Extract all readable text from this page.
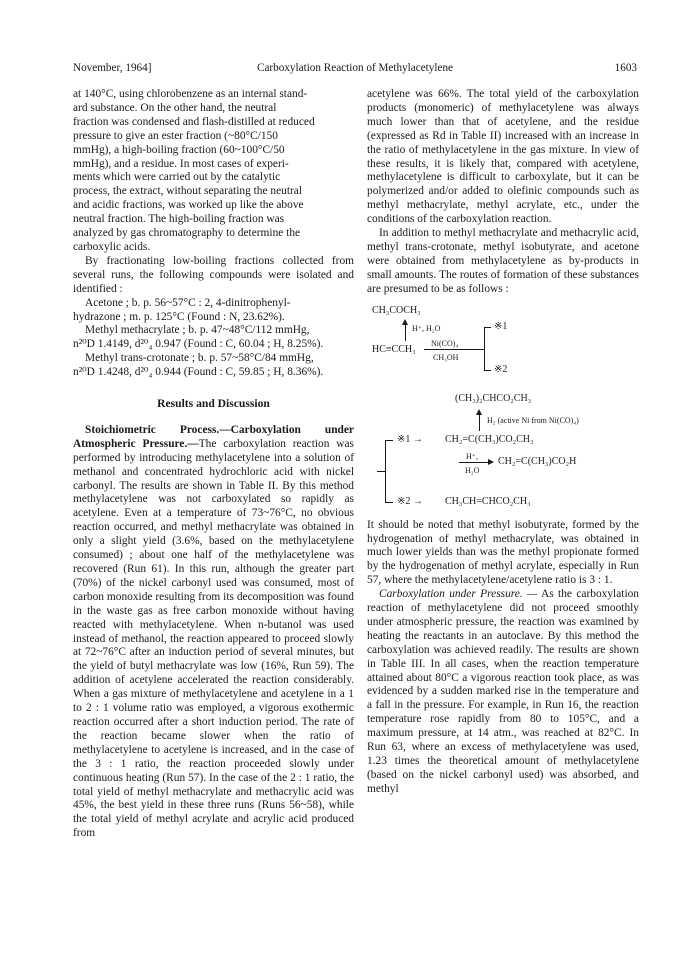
November, 1964]	Carboxylation Reaction of Methylacetylene	1603
at 140°C, using chlorobenzene as an internal stand-
ard substance. On the other hand, the neutral
fraction was condensed and flash-distilled at reduced
pressure to give an ester fraction (~80°C/150
mmHg), a high-boiling fraction (60~100°C/50
mmHg), and a residue. In most cases of experi-
ments which were carried out by the catalytic
process, the extract, without separating the neutral
and acidic fractions, was worked up like the above
neutral fraction. The high-boiling fraction was
analyzed by gas chromatography to determine the
carboxylic acids.

By fractionating low-boiling fractions collected from several runs, the following compounds were isolated and identified :

Acetone ; b. p. 56~57°C : 2, 4-dinitrophenyl-

hydrazone ; m. p. 125°C (Found : N, 23.62%).

Methyl methacrylate ; b. p. 47~48°C/112 mmHg,

n²⁰D 1.4149, d²⁰₄ 0.947 (Found : C, 60.04 ; H, 8.25%).

Methyl trans-crotonate ; b. p. 57~58°C/84 mmHg,

n²⁰D 1.4248, d²⁰₄ 0.944 (Found : C, 59.85 ; H, 8.36%).

Results and Discussion

Stoichiometric Process.—Carboxylation under Atmospheric Pressure.—The carboxylation reaction was performed by introducing methylacetylene into a solution of methanol and concentrated hydrochloric acid with nickel carbonyl. The results are shown in Table II. By this method methylacetylene was not carboxylated so rapidly as acetylene. Even at a temperature of 73~76°C, no obvious reaction occurred, and methyl methacrylate was obtained in only a slight yield (3.6%, based on the methylacetylene consumed) ; about one half of the methylacetylene was recovered (Run 61). In this run, although the greater part (70%) of the nickel carbonyl used was consumed, most of carbon monoxide resulting from its decomposition was found in the waste gas as free carbon monoxide without having reacted with methylacetylene. When n-butanol was used instead of methanol, the reaction appeared to proceed slowly at 72~76°C after an induction period of several minutes, but the yield of butyl methacrylate was low (16%, Run 59). The addition of acetylene accelerated the reaction considerably. When a gas mixture of methylacetylene and acetylene in a 1 to 2 : 1 volume ratio was employed, a vigorous exothermic reaction occurred after a short induction period. The rate of the reaction became slower when the ratio of methylacetylene to acetylene is increased, and in the case of the 3 : 1 ratio, the reaction proceeded slowly under continuous heating (Run 57). In the case of the 2 : 1 ratio, the total yield of methyl methacrylate and methacrylic acid was 45%, the best yield in these three runs (Runs 56~58), while the total yield of methyl acrylate and acrylic acid produced from

acetylene was 66%. The total yield of the carboxylation products (monomeric) of methylacetylene was always much lower than that of acetylene, and the residue (expressed as Rd in Table II) increased with an increase in the ratio of methylacetylene in the gas mixture. In view of these results, it is likely that, compared with acetylene, methylacetylene is difficult to carboxylate, but it can be polymerized and/or added to olefinic compounds such as methyl methacrylate, methyl acrylate, etc., under the conditions of the carboxylation reaction.

In addition to methyl methacrylate and methacrylic acid, methyl trans-crotonate, methyl isobutyrate, and acetone were obtained from methylacetylene as by-products in small amounts. The routes of formation of these substances are presumed to be as follows :

CH₃COCH₃
H⁺, H₂O
HC≡CCH₃
Ni(CO)₄
CH₃OH
※1
※2
(CH₃)₂CHCO₂CH₃
H₂ (active Ni from Ni(CO)₄)
※1 → CH₂=C(CH₃)CO₂CH₃
H⁺,
H₂O
CH₂=C(CH₃)CO₂H
※2 → CH₃CH=CHCO₂CH₃

It should be noted that methyl isobutyrate, formed by the hydrogenation of methyl methacrylate, was obtained in much lower yields than was the methyl propionate formed by the hydrogenation of methyl acrylate, especially in Run 57, where the methylacetylene/acetylene ratio is 3 : 1.

Carboxylation under Pressure. — As the carboxylation reaction of methylacetylene did not proceed smoothly under atmospheric pressure, the reaction was examined by heating the reactants in an autoclave. By this method the carboxylation was achieved readily. The results are shown in Table III. In all cases, when the reaction temperature attained about 80°C a vigorous reaction took place, as was evidenced by a sudden marked rise in the temperature and a fall in the pressure. For example, in Run 16, the reaction temperature rose rapidly from 80 to 105°C, and a maximum pressure, at 14 atm., was reached at 82°C. In Run 63, where an excess of methylacetylene was used, 1.23 times the theoretical amount of methylacetylene (based on the nickel carbonyl used) was absorbed, and methyl
